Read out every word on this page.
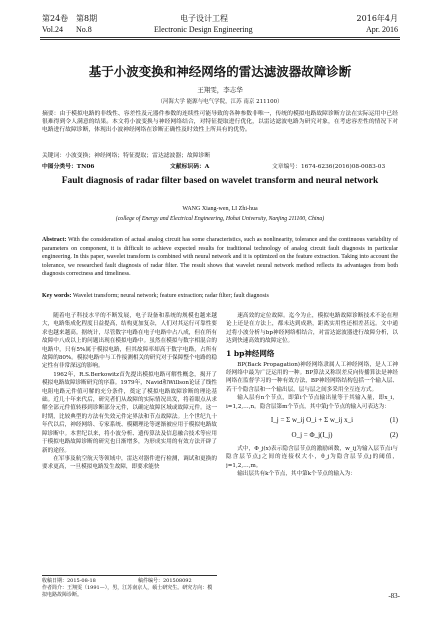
第24卷 第8期	电子设计工程	2016年4月
Vol.24 No.8	Electronic Design Engineering	Apr. 2016
基于小波变换和神经网络的雷达滤波器故障诊断
王翔雯，李志华
（河海大学 能源与电气学院，江苏 南京 211100）
摘要：由于模拟电路的非线性、容差性及元器件参数的连续性可能导致的各种参数非唯一，传统的模拟电路故障诊断方法在实际运用中已经很难得到令人满意的结果。本文将小波变换与神经网络结合，对特征提取进行优化，以雷达滤波电路为研究对象，在考虑容差性的情况下对电路进行故障诊断，体现出小波神经网络在诊断正确性及时效性上所具有的优势。
关键词：小波变换；神经网络；特征提取；雷达滤波器；故障诊断
中图分类号：TN06	文献标识码：A	文章编号：1674-6236(2016)08-0083-03
Fault diagnosis of radar filter based on wavelet transform and neural network
WANG Xiang-wen, LI Zhi-hua
(college of Energy and Electrical Engineering, Hohai University, Nanjing 211100, China)
Abstract: With the consideration of actual analog circuit has some characteristics, such as nonlinearity, tolerance and the continuous variability of parameters on component, it is difficult to achieve expected results for traditional technology of analog circuit fault diagnosis in particular engineering. In this paper, wavelet transform is combined with neural network and it is optimized on the feature extraction. Taking into account the tolerance, we researched fault diagnosis of radar filter. The result shows that wavelet neural network method reflects its advantages from both diagnosis correctness and timeliness.
Key words: Wavelet transform; neural network; feature extraction; radar filter; fault diagnosis

随着电子科技水平的不断发展，电子设备和系统的规模也越来越大，电路集成化程度日益提高，结构更加复杂，人们对其运行可靠性要求也越来越高。据统计，尽管数字电路在电子电路中占八成，但在所有故障中八成以上的问题出现在模拟电路中。虽然在模拟与数字相混合的电路中，只有5%属于模拟电路，但其故障率却高于数字电路，占所有故障的80%。模拟电路中与工作接测相关的研究对于保障整个电路的稳定性有非常深远的影响。

1962年，R.S.Berkowitz首先提出模拟电路可解性概念，揭开了模拟电路故障诊断研究的序幕。1979年，Navid和Willson论证了线性电阻电路元件值可解的充分条件，奠定了模拟电路故障诊断的理论基础。近几十年来代后，研究者们从故障的实际情况出发，将着眼点从求解全部元件值转移到诊断部分元件，以确定故障区域或故障元件。这一时期，比较典型的方法有失效元件定界法和节点故障法。上个世纪九十年代以后，神经网络、专家系统、模糊理论等逐渐被应用于模拟电路故障诊断中。本世纪以来，将小波分析、遗传算法及信息融合技术等应用于模拟电路故障诊断的研究也日渐增多，为形成实用的有效方法开辟了新的途径。

在军事及航空航天等领域中，雷达对器件进行检测，调试和更换的要求更高，一旦模拟电路发生故障，即要求能快

收稿日期：2015-08-18	稿件编号：201508092
作者简介：王翔雯（1991—），男，江苏南京人，硕士研究生。研究方向：模拟电路故障诊断。

速高效的定位故障。迄今为止，模拟电路故障诊断技术不论在理论上还是在方法上，都未达到成熟，距离实用性还相差甚远。文中通过将小波分析与bp神经网络相结合，对雷达滤波器进行故障分析，以达到快速高效的故障定位。

1 bp神经网络

BP(Back Propagation)神经网络隶属人工神经网络，是人工神经网络中最为广泛运用的一种。BP算法又称误差反向传播算法是神经网络在监督学习的一种有效方法，BP神经网络结构包括一个输入层、若干个隐含层和一个输出层，层与层之间多采用全互连方式。

输入层有n个节点，即第i个节点输出量等于其输入量，即x_i，i=1,2,…,n。隐含层第m个节点，其中第j个节点的输入可表达为：

I_j = Σ w_ij O_i + Σ w_ij x_i	(1)
O_j = Φ_j(I_j)	(2)

式中，Φ_j(x)表示隐含层节点的激励函数，w_ij为输入层节点i与隐含层节点j之间的连接权大小，θ_j为隐含层节点j的阈值，j=1,2,…,m。

输出层共有k个节点，其中第k个节点的输入为：

-83-
